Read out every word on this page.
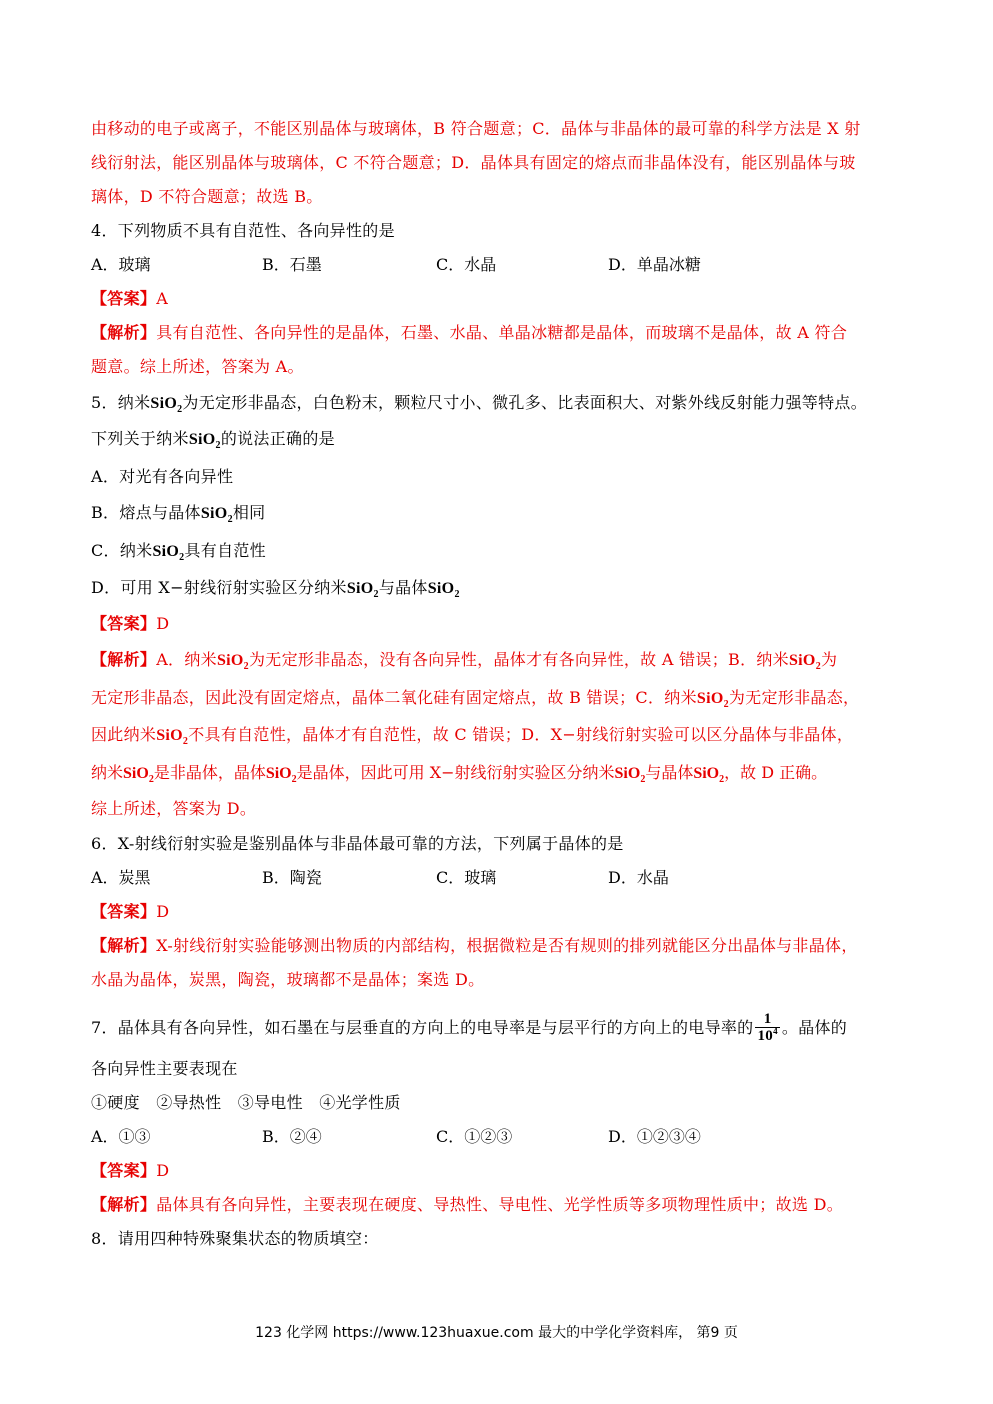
由移动的电子或离子，不能区别晶体与玻璃体，B 符合题意；C．晶体与非晶体的最可靠的科学方法是 X 射
线衍射法，能区别晶体与玻璃体，C 不符合题意；D．晶体具有固定的熔点而非晶体没有，能区别晶体与玻
璃体，D 不符合题意；故选 B。
4．下列物质不具有自范性、各向异性的是
A．玻璃	B．石墨	C．水晶	D．单晶冰糖
【答案】A
【解析】具有自范性、各向异性的是晶体，石墨、水晶、单晶冰糖都是晶体，而玻璃不是晶体，故 A 符合
题意。综上所述，答案为 A。
5．纳米SiO$_2$为无定形非晶态，白色粉末，颗粒尺寸小、微孔多、比表面积大、对紫外线反射能力强等特点。
下列关于纳米SiO$_2$的说法正确的是
A．对光有各向异性
B．熔点与晶体SiO$_2$相同
C．纳米SiO$_2$具有自范性
D．可用 X−射线衍射实验区分纳米SiO$_2$与晶体SiO$_2$
【答案】D
【解析】A．纳米SiO$_2$为无定形非晶态，没有各向异性，晶体才有各向异性，故 A 错误；B．纳米SiO$_2$为
无定形非晶态，因此没有固定熔点，晶体二氧化硅有固定熔点，故 B 错误；C．纳米SiO$_2$为无定形非晶态，
因此纳米SiO$_2$不具有自范性，晶体才有自范性，故 C 错误；D．X−射线衍射实验可以区分晶体与非晶体，
纳米SiO$_2$是非晶体，晶体SiO$_2$是晶体，因此可用 X−射线衍射实验区分纳米SiO$_2$与晶体SiO$_2$，故 D 正确。
综上所述，答案为 D。
6．X-射线衍射实验是鉴别晶体与非晶体最可靠的方法，下列属于晶体的是
A．炭黑	B．陶瓷	C．玻璃	D．水晶
【答案】D
【解析】X-射线衍射实验能够测出物质的内部结构，根据微粒是否有规则的排列就能区分出晶体与非晶体，
水晶为晶体，炭黑，陶瓷，玻璃都不是晶体；案选 D。
7．晶体具有各向异性，如石墨在与层垂直的方向上的电导率是与层平行的方向上的电导率的 $\frac{1}{10^4}$ 。晶体的
各向异性主要表现在
①硬度　②导热性　③导电性　④光学性质
A．①③	B．②④	C．①②③	D．①②③④
【答案】D
【解析】晶体具有各向异性，主要表现在硬度、导热性、导电性、光学性质等多项物理性质中；故选 D。
8．请用四种特殊聚集状态的物质填空：
123 化学网 https://www.123huaxue.com 最大的中学化学资料库， 第9 页
